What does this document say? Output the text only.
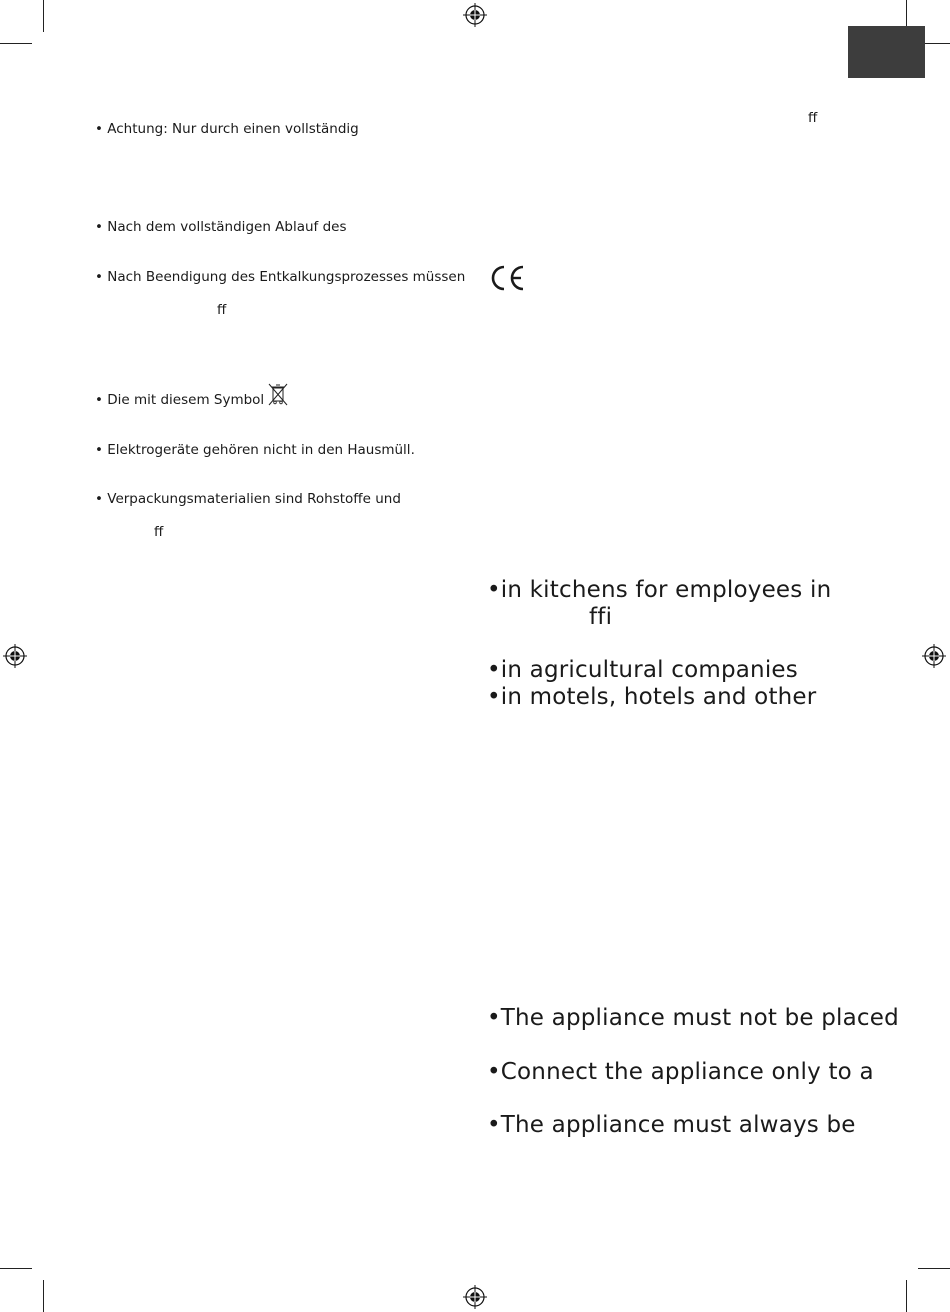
• Achtung: Nur durch einen vollständig
• Nach dem vollständigen Ablauf des
• Nach Beendigung des Entkalkungsprozesses müssen
ff
• Die mit diesem Symbol
• Elektrogeräte gehören nicht in den Hausmüll.
• Verpackungsmaterialien sind Rohstoffe und
ff
ff
•in kitchens for employees in
ffi
•in agricultural companies
•in motels, hotels and other
•The appliance must not be placed
•Connect the appliance only to a
•The appliance must always be
